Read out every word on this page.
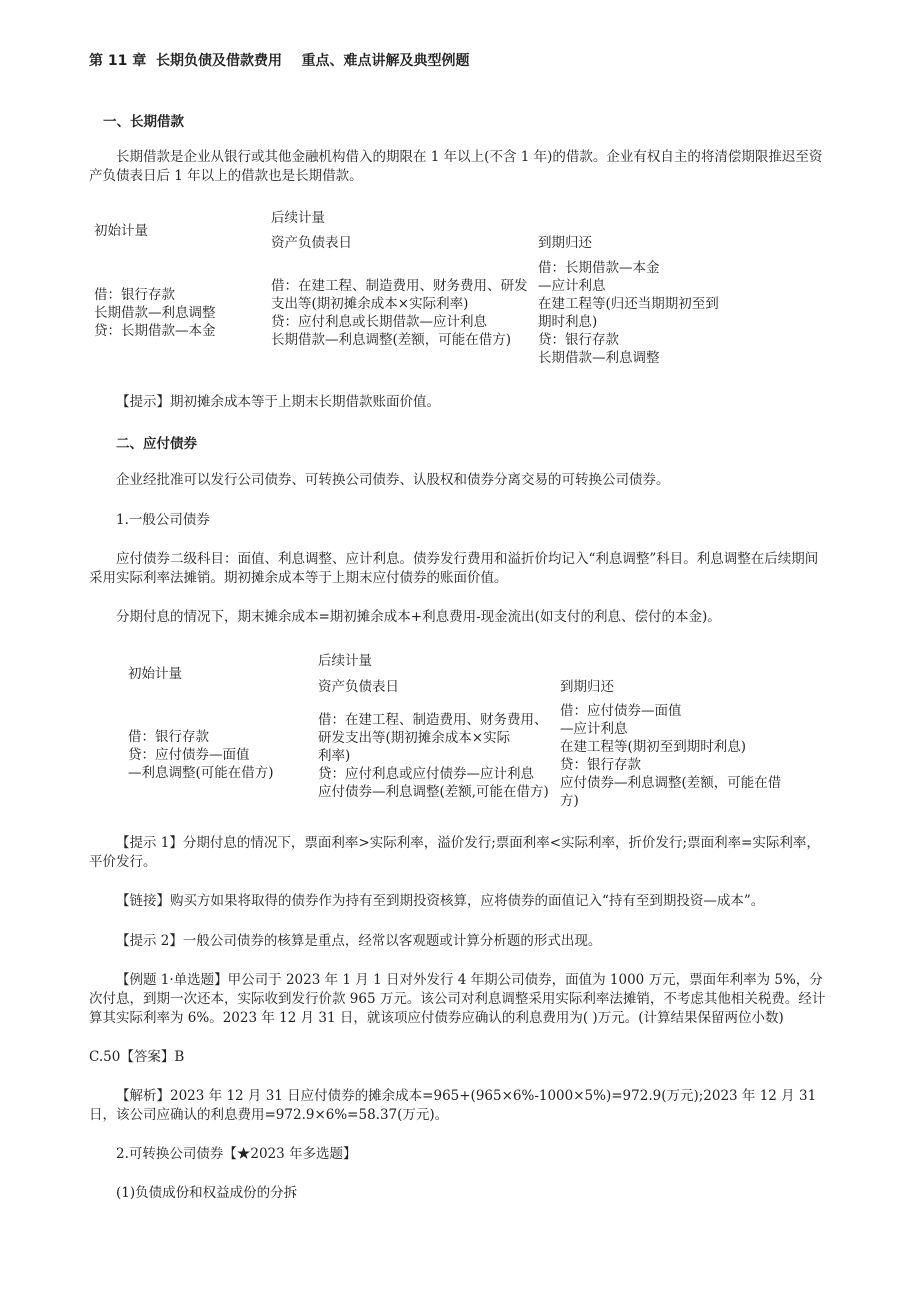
第 11 章  长期负债及借款费用    重点、难点讲解及典型例题
一、长期借款
长期借款是企业从银行或其他金融机构借入的期限在 1 年以上(不含 1 年)的借款。企业有权自主的将清偿期限推迟至资产负债表日后 1 年以上的借款也是长期借款。
初始计量
后续计量
资产负债表日	到期归还
借：银行存款
长期借款—利息调整
贷：长期借款—本金
借：在建工程、制造费用、财务费用、研发
支出等(期初摊余成本×实际利率)
贷：应付利息或长期借款—应计利息
长期借款—利息调整(差额，可能在借方)
借：长期借款—本金
—应计利息
在建工程等(归还当期期初至到
期时利息)
贷：银行存款
长期借款—利息调整
【提示】期初摊余成本等于上期末长期借款账面价值。
二、应付债券
企业经批准可以发行公司债券、可转换公司债券、认股权和债券分离交易的可转换公司债券。
1.一般公司债券
应付债券二级科目：面值、利息调整、应计利息。债券发行费用和溢折价均记入“利息调整”科目。利息调整在后续期间采用实际利率法摊销。期初摊余成本等于上期末应付债券的账面价值。
分期付息的情况下，期末摊余成本=期初摊余成本+利息费用-现金流出(如支付的利息、偿付的本金)。
初始计量
后续计量
资产负债表日	到期归还
借：银行存款
贷：应付债券—面值
—利息调整(可能在借方)
借：在建工程、制造费用、财务费用、
研发支出等(期初摊余成本×实际
利率)
贷：应付利息或应付债券—应计利息
应付债券—利息调整(差额,可能在借方)
借：应付债券—面值
—应计利息
在建工程等(期初至到期时利息)
贷：银行存款
应付债券—利息调整(差额，可能在借
方)
【提示 1】分期付息的情况下，票面利率>实际利率，溢价发行;票面利率<实际利率，折价发行;票面利率=实际利率，平价发行。
【链接】购买方如果将取得的债券作为持有至到期投资核算，应将债券的面值记入“持有至到期投资—成本”。
【提示 2】一般公司债券的核算是重点，经常以客观题或计算分析题的形式出现。
【例题 1·单选题】甲公司于 2023 年 1 月 1 日对外发行 4 年期公司债券，面值为 1000 万元，票面年利率为 5%，分次付息，到期一次还本，实际收到发行价款 965 万元。该公司对利息调整采用实际利率法摊销，不考虑其他相关税费。经计算其实际利率为 6%。2023 年 12 月 31 日，就该项应付债券应确认的利息费用为( )万元。(计算结果保留两位小数)
C.50【答案】B
【解析】2023 年 12 月 31 日应付债券的摊余成本=965+(965×6%-1000×5%)=972.9(万元);2023 年 12 月 31 日，该公司应确认的利息费用=972.9×6%=58.37(万元)。
2.可转换公司债券【★2023 年多选题】
(1)负债成份和权益成份的分拆
